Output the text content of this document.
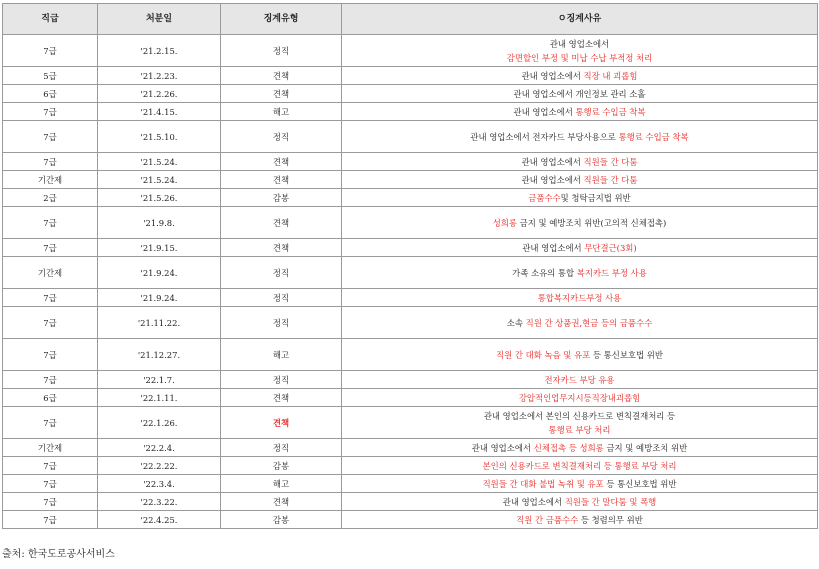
직급	처분일	징계유형	ㅇ징계사유
7급	'21.2.15.	정직	관내 영업소에서
감면할인 부정 및 미납 수납 부적정 처리

5급	'21.2.23.	견책	관내 영업소에서 직장 내 괴롭힘

6급	'21.2.26.	견책	관내 영업소에서 개인정보 관리 소홀

7급	'21.4.15.	해고	관내 영업소에서 통행료 수입금 착복

7급	'21.5.10.	정직	관내 영업소에서 전자카드 부당사용으로 통행료 수입금 착복

7급	'21.5.24.	견책	관내 영업소에서 직원들 간 다툼

기간제	'21.5.24.	견책	관내 영업소에서 직원들 간 다툼

2급	'21.5.26.	감봉	금품수수및 청탁금지법 위반

7급	'21.9.8.	견책	성희롱 금지 및 예방조치 위반(고의적 신체접촉)

7급	'21.9.15.	견책	관내 영업소에서 무단결근(3회)

기간제	'21.9.24.	정직	가족 소유의 통합 복지카드 부정 사용

7급	'21.9.24.	정직	통합복지카드부정 사용

7급	'21.11.22.	정직	소속 직원 간 상품권,현금 등의 금품수수

7급	'21.12.27.	해고	직원 간 대화 녹음 및 유포 등 통신보호법 위반

7급	'22.1.7.	정직	전자카드 부당 유용

6급	'22.1.11.	견책	강압적인업무지시등직장내괴롭힘

7급	'22.1.26.	견책	관내 영업소에서 본인의 신용카드로 변칙결재처리 등
통행료 부당 처리

기간제	'22.2.4.	정직	관내 영업소에서 신체접촉 등 성희롱 금지 및 예방조치 위반

7급	'22.2.22.	감봉	본인의 신용카드로 변칙결재처리 등 통행료 부당 처리

7급	'22.3.4.	해고	직원들 간 대화 불법 녹취 및 유포 등 통신보호법 위반

7급	'22.3.22.	견책	관내 영업소에서 직원들 간 말다툼 및 폭행

7급	'22.4.25.	감봉	직원 간 금품수수 등 청렴의무 위반
출처: 한국도로공사서비스
